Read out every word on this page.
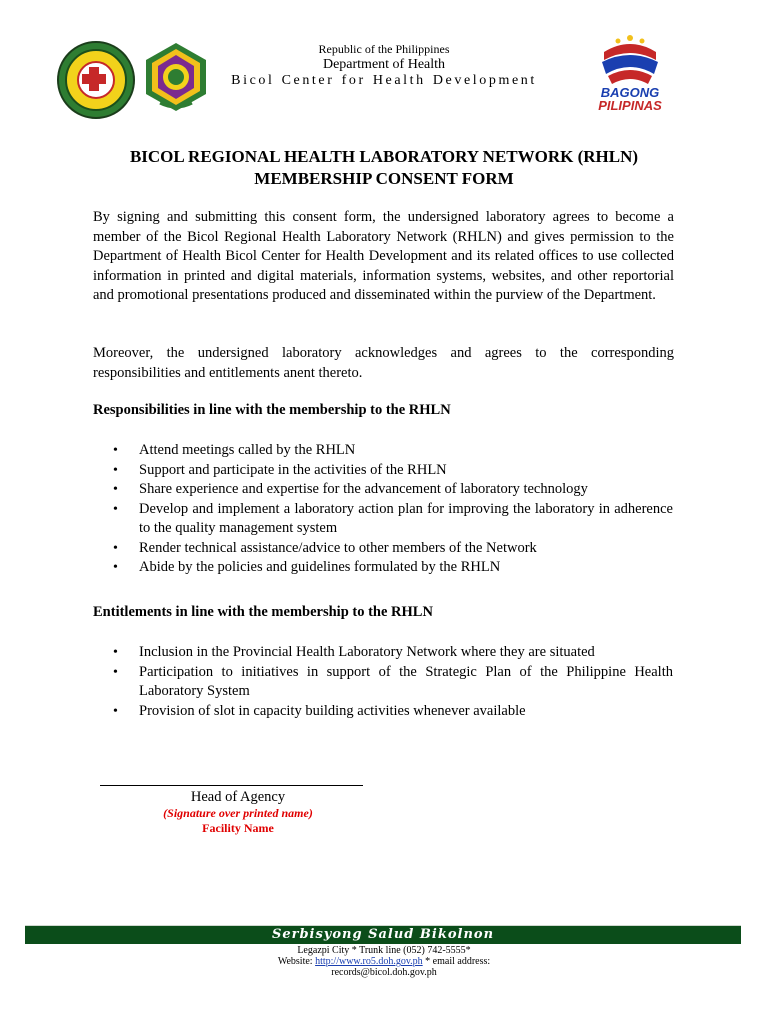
Republic of the Philippines
Department of Health
Bicol Center for Health Development
BAGONG
PILIPINAS
BICOL REGIONAL HEALTH LABORATORY NETWORK (RHLN)
MEMBERSHIP CONSENT FORM
By signing and submitting this consent form, the undersigned laboratory agrees to become a member of the Bicol Regional Health Laboratory Network (RHLN) and gives permission to the Department of Health Bicol Center for Health Development and its related offices to use collected information in printed and digital materials, information systems, websites, and other reportorial and promotional presentations produced and disseminated within the purview of the Department.
Moreover, the undersigned laboratory acknowledges and agrees to the corresponding responsibilities and entitlements anent thereto.
Responsibilities in line with the membership to the RHLN
• Attend meetings called by the RHLN
• Support and participate in the activities of the RHLN
• Share experience and expertise for the advancement of laboratory technology
• Develop and implement a laboratory action plan for improving the laboratory in adherence to the quality management system
• Render technical assistance/advice to other members of the Network
• Abide by the policies and guidelines formulated by the RHLN
Entitlements in line with the membership to the RHLN
• Inclusion in the Provincial Health Laboratory Network where they are situated
• Participation to initiatives in support of the Strategic Plan of the Philippine Health Laboratory System
• Provision of slot in capacity building activities whenever available
Head of Agency
(Signature over printed name)
Facility Name
Serbisyong Salud Bikolnon
Legazpi City * Trunk line (052) 742-5555*
Website: http://www.ro5.doh.gov.ph * email address:
records@bicol.doh.gov.ph
